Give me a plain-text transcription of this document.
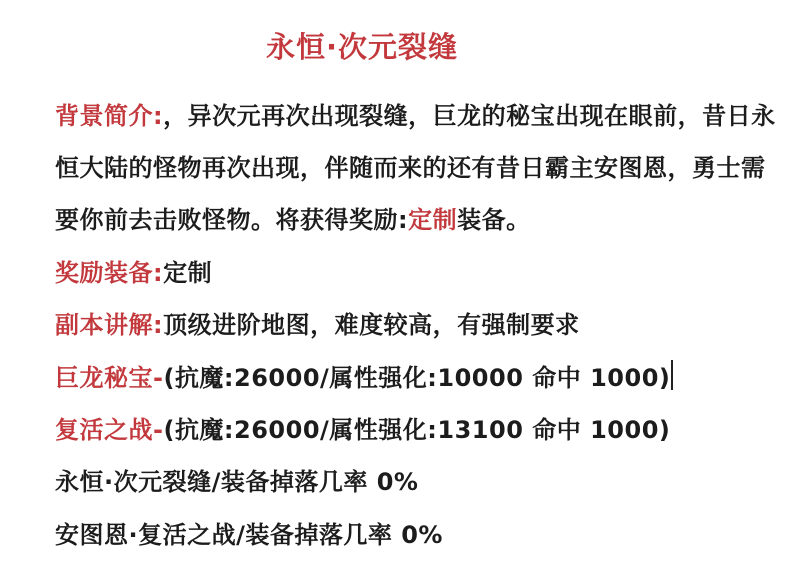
永恒·次元裂缝
背景简介: ，异次元再次出现裂缝，巨龙的秘宝出现在眼前，昔日永
恒大陆的怪物再次出现，伴随而来的还有昔日霸主安图恩，勇士需
要你前去击败怪物。将获得奖励: 定制 装备。
奖励装备: 定制
副本讲解: 顶级进阶地图，难度较高，有强制要求
巨龙秘宝- (抗魔:26000/属性强化:10000 命中 1000)
复活之战- (抗魔:26000/属性强化:13100 命中 1000)
永恒·次元裂缝/装备掉落几率 0%
安图恩·复活之战/装备掉落几率 0%
